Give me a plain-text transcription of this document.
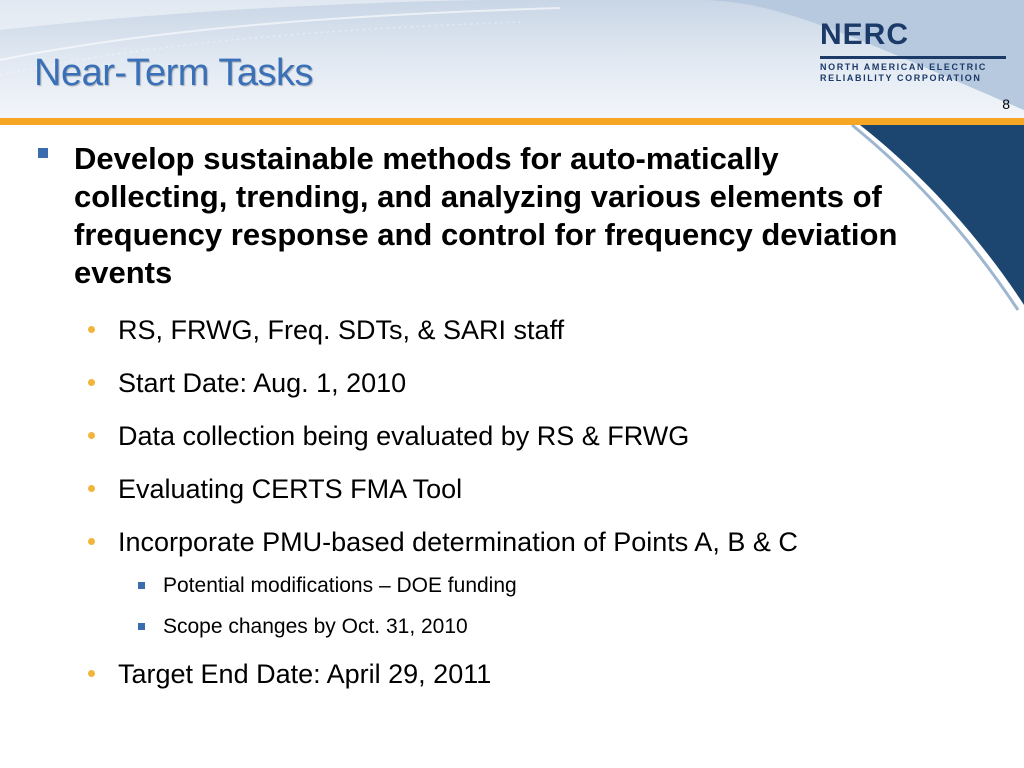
Near-Term Tasks
NERC
NORTH AMERICAN ELECTRIC
RELIABILITY CORPORATION
8
Develop sustainable methods for auto-matically collecting, trending, and analyzing various elements of frequency response and control for frequency deviation events
RS, FRWG, Freq. SDTs, & SARI staff
Start Date: Aug. 1, 2010
Data collection being evaluated by RS & FRWG
Evaluating CERTS FMA Tool
Incorporate PMU-based determination of Points A, B & C
Potential modifications – DOE funding
Scope changes by Oct. 31, 2010
Target End Date: April 29, 2011
